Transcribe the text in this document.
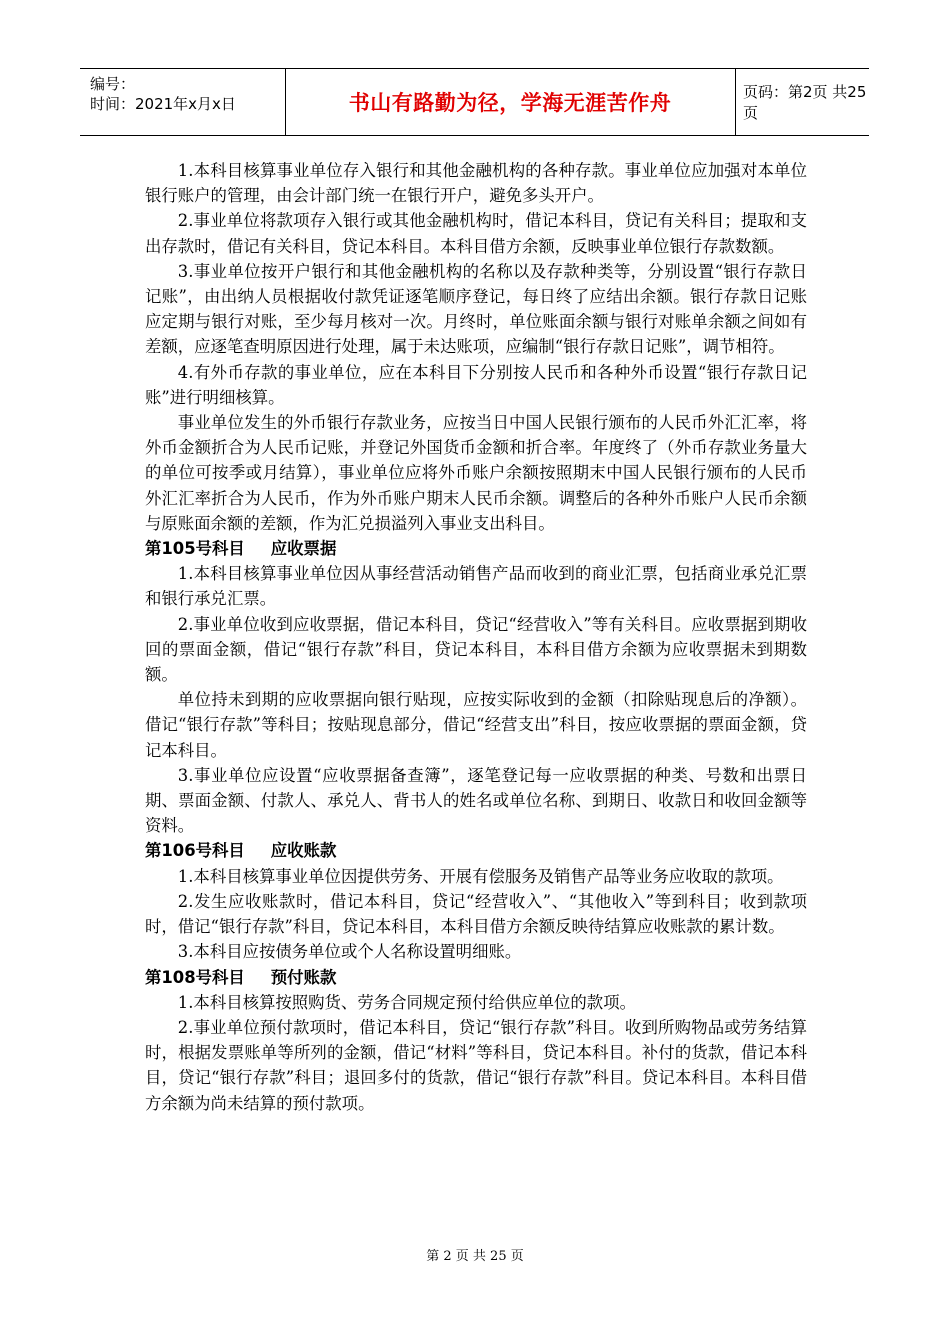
编号：
时间：2021年x月x日	书山有路勤为径，学海无涯苦作舟	页码：第2页 共25页

1.本科目核算事业单位存入银行和其他金融机构的各种存款。事业单位应加强对本单位银行账户的管理，由会计部门统一在银行开户，避免多头开户。

2.事业单位将款项存入银行或其他金融机构时，借记本科目，贷记有关科目；提取和支出存款时，借记有关科目，贷记本科目。本科目借方余额，反映事业单位银行存款数额。

3.事业单位按开户银行和其他金融机构的名称以及存款种类等，分别设置“银行存款日记账”，由出纳人员根据收付款凭证逐笔顺序登记，每日终了应结出余额。银行存款日记账应定期与银行对账，至少每月核对一次。月终时，单位账面余额与银行对账单余额之间如有差额，应逐笔查明原因进行处理，属于未达账项，应编制“银行存款日记账”，调节相符。

4.有外币存款的事业单位，应在本科目下分别按人民币和各种外币设置“银行存款日记账”进行明细核算。

事业单位发生的外币银行存款业务，应按当日中国人民银行颁布的人民币外汇汇率，将外币金额折合为人民币记账，并登记外国货币金额和折合率。年度终了（外币存款业务量大的单位可按季或月结算），事业单位应将外币账户余额按照期末中国人民银行颁布的人民币外汇汇率折合为人民币，作为外币账户期末人民币余额。调整后的各种外币账户人民币余额与原账面余额的差额，作为汇兑损溢列入事业支出科目。

第105号科目 应收票据

1.本科目核算事业单位因从事经营活动销售产品而收到的商业汇票，包括商业承兑汇票和银行承兑汇票。

2.事业单位收到应收票据，借记本科目，贷记“经营收入”等有关科目。应收票据到期收回的票面金额，借记“银行存款”科目，贷记本科目，本科目借方余额为应收票据未到期数额。

单位持未到期的应收票据向银行贴现，应按实际收到的金额（扣除贴现息后的净额）。借记“银行存款”等科目；按贴现息部分，借记“经营支出”科目，按应收票据的票面金额，贷记本科目。

3.事业单位应设置“应收票据备查簿”，逐笔登记每一应收票据的种类、号数和出票日期、票面金额、付款人、承兑人、背书人的姓名或单位名称、到期日、收款日和收回金额等资料。

第106号科目 应收账款

1.本科目核算事业单位因提供劳务、开展有偿服务及销售产品等业务应收取的款项。

2.发生应收账款时，借记本科目，贷记“经营收入”、“其他收入”等到科目；收到款项时，借记“银行存款”科目，贷记本科目，本科目借方余额反映待结算应收账款的累计数。

3.本科目应按债务单位或个人名称设置明细账。

第108号科目 预付账款

1.本科目核算按照购货、劳务合同规定预付给供应单位的款项。

2.事业单位预付款项时，借记本科目，贷记“银行存款”科目。收到所购物品或劳务结算时，根据发票账单等所列的金额，借记“材料”等科目，贷记本科目。补付的货款，借记本科目，贷记“银行存款”科目；退回多付的货款，借记“银行存款”科目。贷记本科目。本科目借方余额为尚未结算的预付款项。

第 2 页 共 25 页
